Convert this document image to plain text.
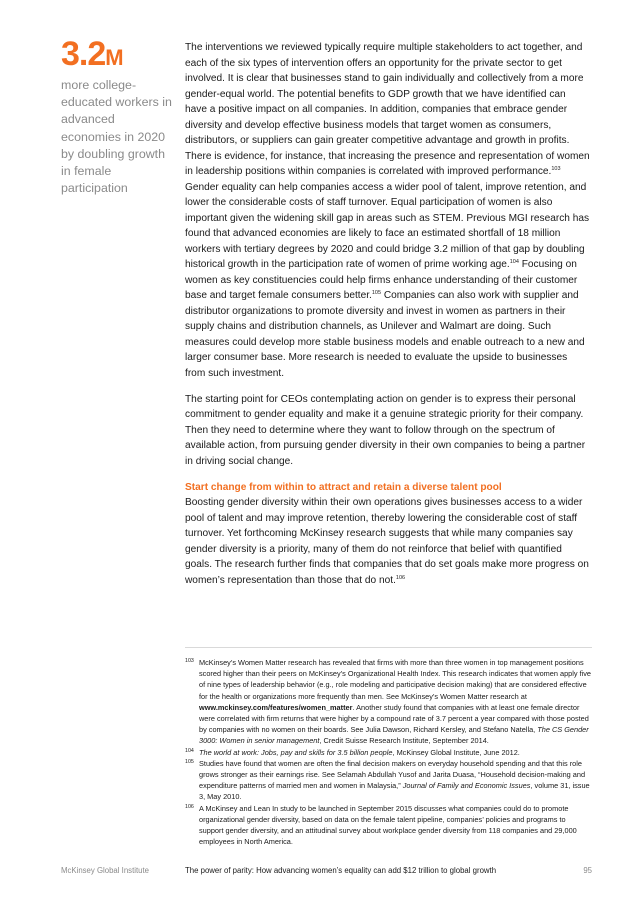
3.2M
more college-educated workers in advanced economies in 2020 by doubling growth in female participation

The interventions we reviewed typically require multiple stakeholders to act together, and each of the six types of intervention offers an opportunity for the private sector to get involved. It is clear that businesses stand to gain individually and collectively from a more gender-equal world. The potential benefits to GDP growth that we have identified can have a positive impact on all companies. In addition, companies that embrace gender diversity and develop effective business models that target women as consumers, distributors, or suppliers can gain greater competitive advantage and growth in profits. There is evidence, for instance, that increasing the presence and representation of women in leadership positions within companies is correlated with improved performance.$^{103}$ Gender equality can help companies access a wider pool of talent, improve retention, and lower the considerable costs of staff turnover. Equal participation of women is also important given the widening skill gap in areas such as STEM. Previous MGI research has found that advanced economies are likely to face an estimated shortfall of 18 million workers with tertiary degrees by 2020 and could bridge 3.2 million of that gap by doubling historical growth in the participation rate of women of prime working age.$^{104}$ Focusing on women as key constituencies could help firms enhance understanding of their customer base and target female consumers better.$^{105}$ Companies can also work with supplier and distributor organizations to promote diversity and invest in women as partners in their supply chains and distribution channels, as Unilever and Walmart are doing. Such measures could develop more stable business models and enable outreach to a new and larger consumer base. More research is needed to evaluate the upside to businesses from such investment.

The starting point for CEOs contemplating action on gender is to express their personal commitment to gender equality and make it a genuine strategic priority for their company. Then they need to determine where they want to follow through on the spectrum of available action, from pursuing gender diversity in their own companies to being a partner in driving social change.

Start change from within to attract and retain a diverse talent pool

Boosting gender diversity within their own operations gives businesses access to a wider pool of talent and may improve retention, thereby lowering the considerable cost of staff turnover. Yet forthcoming McKinsey research suggests that while many companies say gender diversity is a priority, many of them do not reinforce that belief with quantified goals. The research further finds that companies that do set goals make more progress on women’s representation than those that do not.$^{106}$

103 McKinsey’s Women Matter research has revealed that firms with more than three women in top management positions scored higher than their peers on McKinsey’s Organizational Health Index. This research indicates that women apply five of nine types of leadership behavior (e.g., role modeling and participative decision making) that are considered effective for the health or organizations more frequently than men. See McKinsey’s Women Matter research at www.mckinsey.com/features/women_matter. Another study found that companies with at least one female director were correlated with firm returns that were higher by a compound rate of 3.7 percent a year compared with those posted by companies with no women on their boards. See Julia Dawson, Richard Kersley, and Stefano Natella, The CS Gender 3000: Women in senior management, Credit Suisse Research Institute, September 2014.
104 The world at work: Jobs, pay and skills for 3.5 billion people, McKinsey Global Institute, June 2012.
105 Studies have found that women are often the final decision makers on everyday household spending and that this role grows stronger as their earnings rise. See Selamah Abdullah Yusof and Jarita Duasa, “Household decision-making and expenditure patterns of married men and women in Malaysia,” Journal of Family and Economic Issues, volume 31, issue 3, May 2010.
106 A McKinsey and Lean In study to be launched in September 2015 discusses what companies could do to promote organizational gender diversity, based on data on the female talent pipeline, companies’ policies and programs to support gender diversity, and an attitudinal survey about workplace gender diversity from 118 companies and 29,000 employees in North America.
McKinsey Global Institute	The power of parity: How advancing women’s equality can add $12 trillion to global growth	95
